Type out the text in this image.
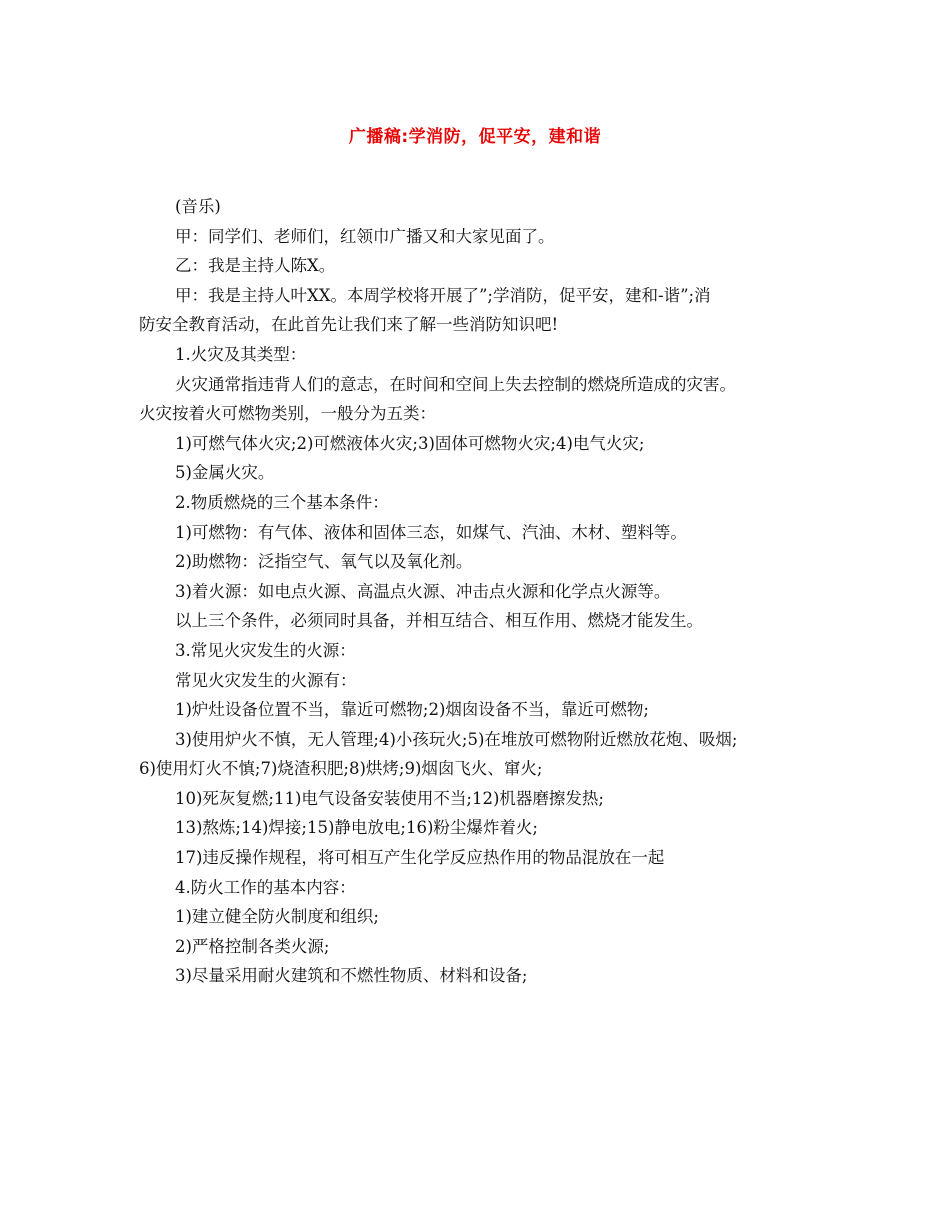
广播稿:学消防，促平安，建和谐

(音乐)

甲：同学们、老师们，红领巾广播又和大家见面了。

乙：我是主持人陈X。

甲：我是主持人叶XX。本周学校将开展了”;学消防，促平安，建和-谐”;消

防安全教育活动，在此首先让我们来了解一些消防知识吧!

1.火灾及其类型：

火灾通常指违背人们的意志，在时间和空间上失去控制的燃烧所造成的灾害。

火灾按着火可燃物类别，一般分为五类：

1)可燃气体火灾;2)可燃液体火灾;3)固体可燃物火灾;4)电气火灾;

5)金属火灾。

2.物质燃烧的三个基本条件：

1)可燃物：有气体、液体和固体三态，如煤气、汽油、木材、塑料等。

2)助燃物：泛指空气、氧气以及氧化剂。

3)着火源：如电点火源、高温点火源、冲击点火源和化学点火源等。

以上三个条件，必须同时具备，并相互结合、相互作用、燃烧才能发生。

3.常见火灾发生的火源：

常见火灾发生的火源有：

1)炉灶设备位置不当，靠近可燃物;2)烟囱设备不当，靠近可燃物;

3)使用炉火不慎，无人管理;4)小孩玩火;5)在堆放可燃物附近燃放花炮、吸烟;

6)使用灯火不慎;7)烧渣积肥;8)烘烤;9)烟囱飞火、窜火;

10)死灰复燃;11)电气设备安装使用不当;12)机器磨擦发热;

13)熬炼;14)焊接;15)静电放电;16)粉尘爆炸着火;

17)违反操作规程，将可相互产生化学反应热作用的物品混放在一起

4.防火工作的基本内容：

1)建立健全防火制度和组织;

2)严格控制各类火源;

3)尽量采用耐火建筑和不燃性物质、材料和设备;
